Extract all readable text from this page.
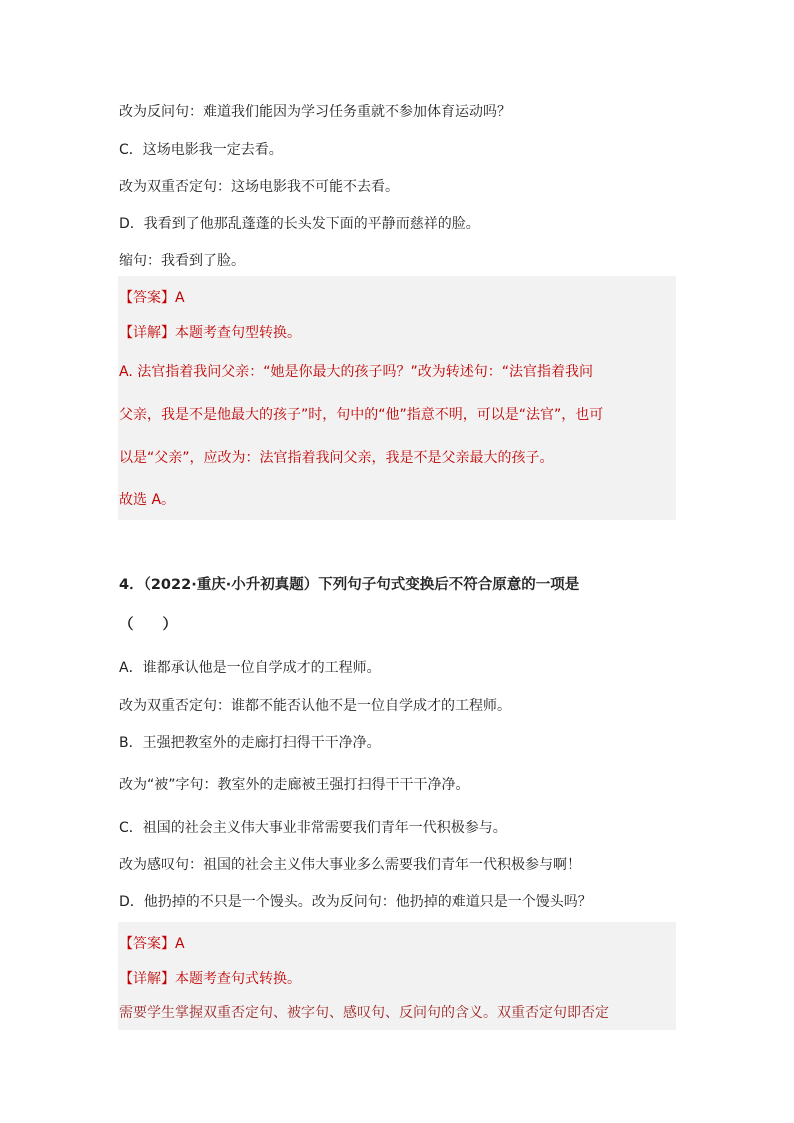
改为反问句：难道我们能因为学习任务重就不参加体育运动吗？
C．这场电影我一定去看。
改为双重否定句：这场电影我不可能不去看。
D．我看到了他那乱蓬蓬的长头发下面的平静而慈祥的脸。
缩句：我看到了脸。
【答案】A
【详解】本题考查句型转换。
A. 法官指着我问父亲：“她是你最大的孩子吗？”改为转述句：“法官指着我问
父亲，我是不是他最大的孩子”时，句中的“他”指意不明，可以是“法官”，也可
以是“父亲”，应改为：法官指着我问父亲，我是不是父亲最大的孩子。
故选 A。
4．（2022·重庆·小升初真题）下列句子句式变换后不符合原意的一项是
（　　）
A．谁都承认他是一位自学成才的工程师。
改为双重否定句：谁都不能否认他不是一位自学成才的工程师。
B．王强把教室外的走廊打扫得干干净净。
改为“被”字句：教室外的走廊被王强打扫得干干干净净。
C．祖国的社会主义伟大事业非常需要我们青年一代积极参与。
改为感叹句：祖国的社会主义伟大事业多么需要我们青年一代积极参与啊！
D．他扔掉的不只是一个馒头。改为反问句：他扔掉的难道只是一个馒头吗？
【答案】A
【详解】本题考查句式转换。
需要学生掌握双重否定句、被字句、感叹句、反问句的含义。双重否定句即否定
